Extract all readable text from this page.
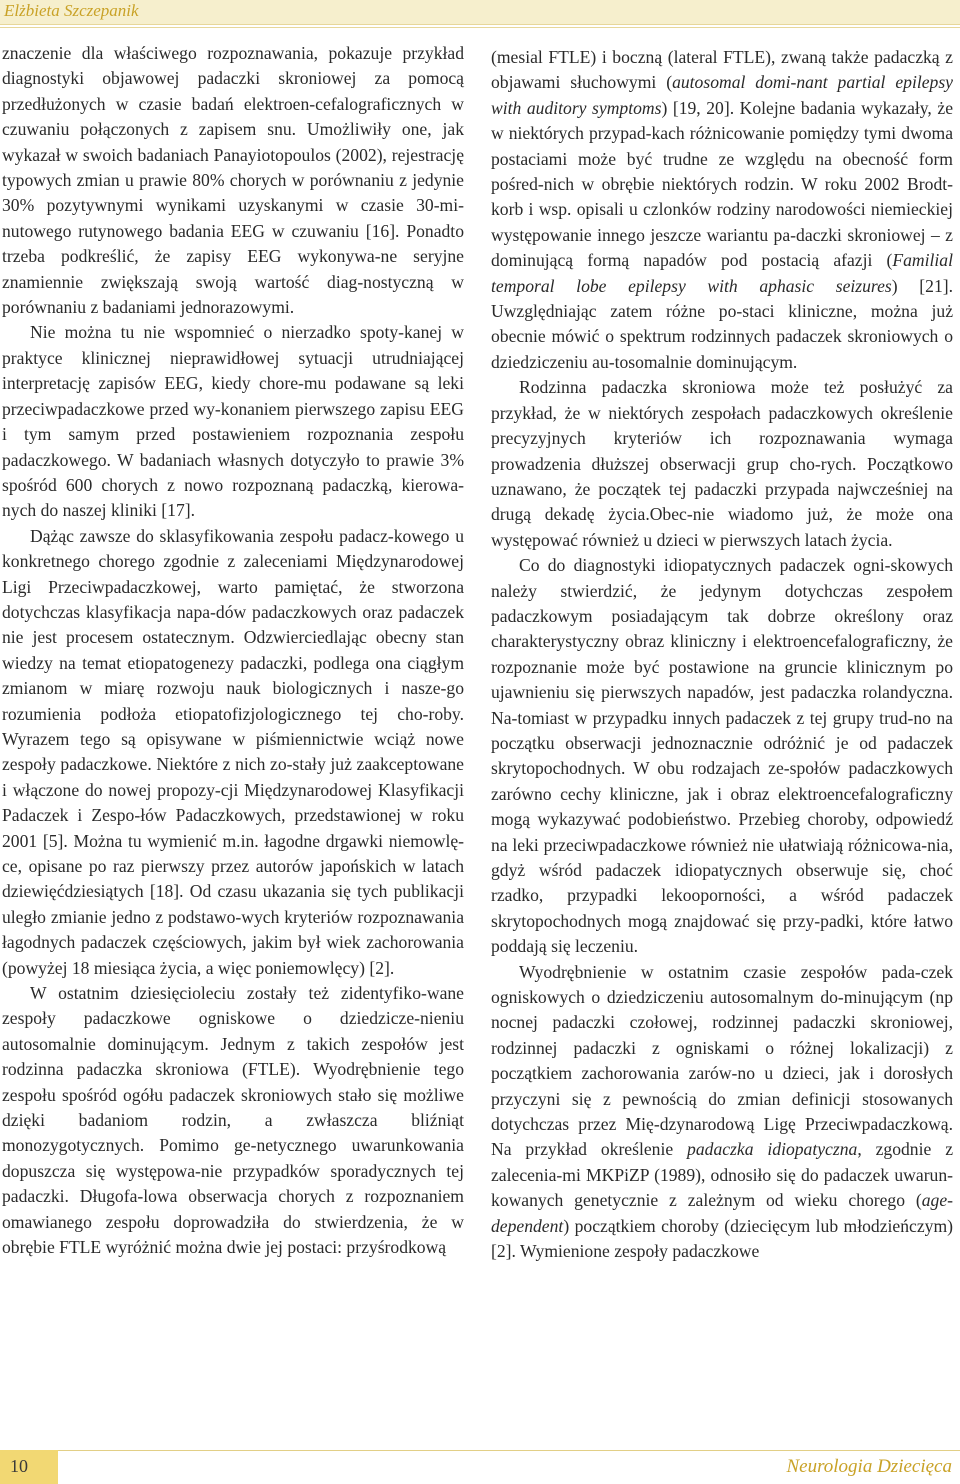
Elżbieta Szczepanik

znaczenie dla właściwego rozpoznawania, pokazuje przykład diagnostyki objawowej padaczki skroniowej za pomocą przedłużonych w czasie badań elektroen-cefalograficznych w czuwaniu połączonych z zapisem snu. Umożliwiły one, jak wykazał w swoich badaniach Panayiotopoulos (2002), rejestrację typowych zmian u prawie 80% chorych w porównaniu z jedynie 30% pozytywnymi wynikami uzyskanymi w czasie 30-mi-nutowego rutynowego badania EEG w czuwaniu [16]. Ponadto trzeba podkreślić, że zapisy EEG wykonywa-ne seryjne znamiennie zwiększają swoją wartość diag-nostyczną w porównaniu z badaniami jednorazowymi.

Nie można tu nie wspomnieć o nierzadko spoty-kanej w praktyce klinicznej nieprawidłowej sytuacji utrudniającej interpretację zapisów EEG, kiedy chore-mu podawane są leki przeciwpadaczkowe przed wy-konaniem pierwszego zapisu EEG i tym samym przed postawieniem rozpoznania zespołu padaczkowego. W badaniach własnych dotyczyło to prawie 3% spośród 600 chorych z nowo rozpoznaną padaczką, kierowa-nych do naszej kliniki [17].

Dążąc zawsze do sklasyfikowania zespołu padacz-kowego u konkretnego chorego zgodnie z zaleceniami Międzynarodowej Ligi Przeciwpadaczkowej, warto pamiętać, że stworzona dotychczas klasyfikacja napa-dów padaczkowych oraz padaczek nie jest procesem ostatecznym. Odzwierciedlając obecny stan wiedzy na temat etiopatogenezy padaczki, podlega ona ciągłym zmianom w miarę rozwoju nauk biologicznych i nasze-go rozumienia podłoża etiopatofizjologicznego tej cho-roby. Wyrazem tego są opisywane w piśmiennictwie wciąż nowe zespoły padaczkowe. Niektóre z nich zo-stały już zaakceptowane i włączone do nowej propozy-cji Międzynarodowej Klasyfikacji Padaczek i Zespo-łów Padaczkowych, przedstawionej w roku 2001 [5]. Można tu wymienić m.in. łagodne drgawki niemowlę-ce, opisane po raz pierwszy przez autorów japońskich w latach dziewięćdziesiątych [18]. Od czasu ukazania się tych publikacji uległo zmianie jedno z podstawo-wych kryteriów rozpoznawania łagodnych padaczek częściowych, jakim był wiek zachorowania (powyżej 18 miesiąca życia, a więc poniemowlęcy) [2].

W ostatnim dziesięcioleciu zostały też zidentyfiko-wane zespoły padaczkowe ogniskowe o dziedzicze-nieniu autosomalnie dominującym. Jednym z takich zespołów jest rodzinna padaczka skroniowa (FTLE). Wyodrębnienie tego zespołu spośród ogółu padaczek skroniowych stało się możliwe dzięki badaniom rodzin, a zwłaszcza bliźniąt monozygotycznych. Pomimo ge-netycznego uwarunkowania dopuszcza się występowa-nie przypadków sporadycznych tej padaczki. Długofa-lowa obserwacja chorych z rozpoznaniem omawianego zespołu doprowadziła do stwierdzenia, że w obrębie FTLE wyróżnić można dwie jej postaci: przyśrodkową

(mesial FTLE) i boczną (lateral FTLE), zwaną także padaczką z objawami słuchowymi (autosomal domi-nant partial epilepsy with auditory symptoms) [19, 20]. Kolejne badania wykazały, że w niektórych przypad-kach różnicowanie pomiędzy tymi dwoma postaciami może być trudne ze względu na obecność form pośred-nich w obrębie niektórych rodzin. W roku 2002 Brodt-korb i wsp. opisali u czlonków rodziny narodowości niemieckiej występowanie innego jeszcze wariantu pa-daczki skroniowej – z dominującą formą napadów pod postacią afazji (Familial temporal lobe epilepsy with aphasic seizures) [21]. Uwzględniając zatem różne po-staci kliniczne, można już obecnie mówić o spektrum rodzinnych padaczek skroniowych o dziedziczeniu au-tosomalnie dominującym.

Rodzinna padaczka skroniowa może też posłużyć za przykład, że w niektórych zespołach padaczkowych określenie precyzyjnych kryteriów ich rozpoznawania wymaga prowadzenia dłuższej obserwacji grup cho-rych. Początkowo uznawano, że początek tej padaczki przypada najwcześniej na drugą dekadę życia.Obec-nie wiadomo już, że może ona występować również u dzieci w pierwszych latach życia.

Co do diagnostyki idiopatycznych padaczek ogni-skowych należy stwierdzić, że jedynym dotychczas zespołem padaczkowym posiadającym tak dobrze określony oraz charakterystyczny obraz kliniczny i elektroencefalograficzny, że rozpoznanie może być postawione na gruncie klinicznym po ujawnieniu się pierwszych napadów, jest padaczka rolandyczna. Na-tomiast w przypadku innych padaczek z tej grupy trud-no na początku obserwacji jednoznacznie odróżnić je od padaczek skrytopochodnych. W obu rodzajach ze-społów padaczkowych zarówno cechy kliniczne, jak i obraz elektroencefalograficzny mogą wykazywać podobieństwo. Przebieg choroby, odpowiedź na leki przeciwpadaczkowe również nie ułatwiają różnicowa-nia, gdyż wśród padaczek idiopatycznych obserwuje się, choć rzadko, przypadki lekooporności, a wśród padaczek skrytopochodnych mogą znajdować się przy-padki, które łatwo poddają się leczeniu.

Wyodrębnienie w ostatnim czasie zespołów pada-czek ogniskowych o dziedziczeniu autosomalnym do-minującym (np nocnej padaczki czołowej, rodzinnej padaczki skroniowej, rodzinnej padaczki z ogniskami o różnej lokalizacji) z początkiem zachorowania zarów-no u dzieci, jak i dorosłych przyczyni się z pewnością do zmian definicji stosowanych dotychczas przez Mię-dzynarodową Ligę Przeciwpadaczkową. Na przykład określenie padaczka idiopatyczna, zgodnie z zalecenia-mi MKPiZP (1989), odnosiło się do padaczek uwarun-kowanych genetycznie z zależnym od wieku chorego (age-dependent) początkiem choroby (dziecięcym lub młodzieńczym) [2]. Wymienione zespoły padaczkowe

10	Neurologia Dziecięca
